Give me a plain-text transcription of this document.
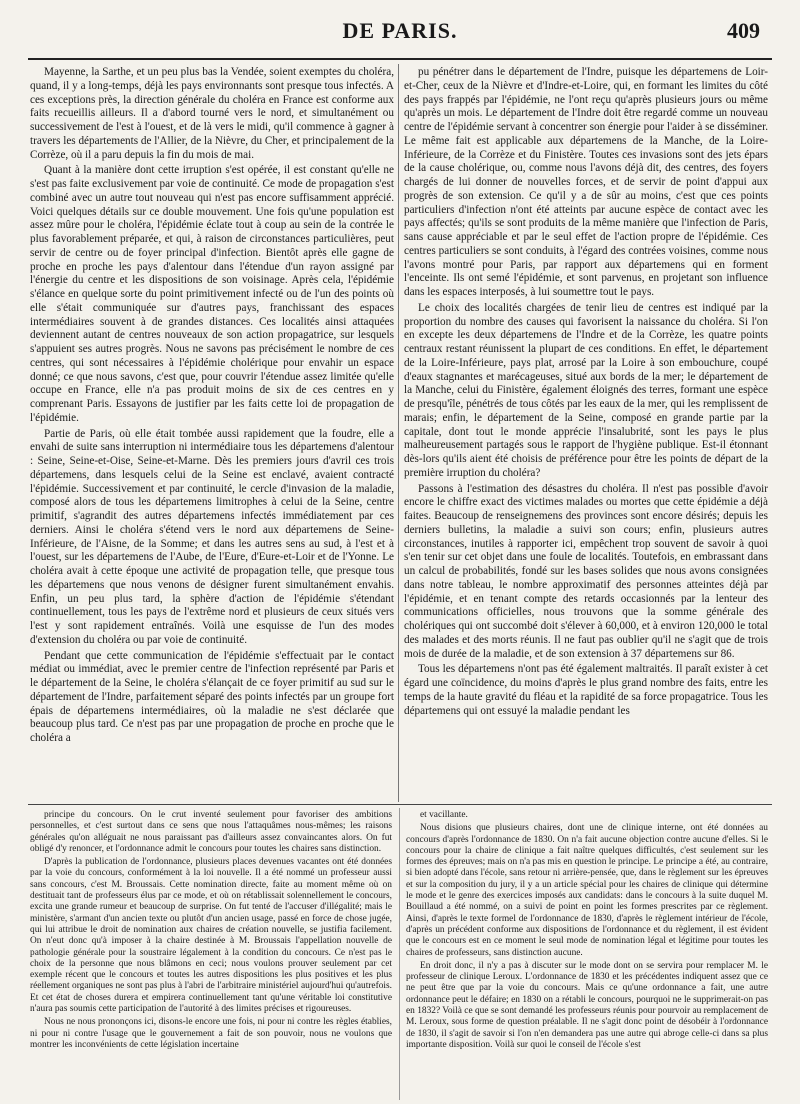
DE PARIS.	409

Mayenne, la Sarthe, et un peu plus bas la Vendée, soient exemptes du choléra, quand, il y a long-temps, déjà les pays environnants sont presque tous infectés. A ces exceptions près, la direction générale du choléra en France est conforme aux faits recueillis ailleurs. Il a d'abord tourné vers le nord, et simultanément ou successivement de l'est à l'ouest, et de là vers le midi, qu'il commence à gagner à travers les départements de l'Allier, de la Nièvre, du Cher, et principalement de la Corrèze, où il a paru depuis la fin du mois de mai.

Quant à la manière dont cette irruption s'est opérée, il est constant qu'elle ne s'est pas faite exclusivement par voie de continuité. Ce mode de propagation s'est combiné avec un autre tout nouveau qui n'est pas encore suffisamment apprécié. Voici quelques détails sur ce double mouvement. Une fois qu'une population est assez mûre pour le choléra, l'épidémie éclate tout à coup au sein de la contrée le plus favorablement préparée, et qui, à raison de circonstances particulières, peut servir de centre ou de foyer principal d'infection. Bientôt après elle gagne de proche en proche les pays d'alentour dans l'étendue d'un rayon assigné par l'énergie du centre et les dispositions de son voisinage. Après cela, l'épidémie s'élance en quelque sorte du point primitivement infecté ou de l'un des points où elle s'était communiquée sur d'autres pays, franchissant des espaces intermédiaires souvent à de grandes distances. Ces localités ainsi attaquées deviennent autant de centres nouveaux de son action propagatrice, sur lesquels s'appuient ses autres progrès. Nous ne savons pas précisément le nombre de ces centres, qui sont nécessaires à l'épidémie cholérique pour envahir un espace donné; ce que nous savons, c'est que, pour couvrir l'étendue assez limitée qu'elle occupe en France, elle n'a pas produit moins de six de ces centres en y comprenant Paris. Essayons de justifier par les faits cette loi de propagation de l'épidémie.

Partie de Paris, où elle était tombée aussi rapidement que la foudre, elle a envahi de suite sans interruption ni intermédiaire tous les départemens d'alentour : Seine, Seine-et-Oise, Seine-et-Marne. Dès les premiers jours d'avril ces trois départemens, dans lesquels celui de la Seine est enclavé, avaient contracté l'épidémie. Successivement et par continuité, le cercle d'invasion de la maladie, composé alors de tous les départemens limitrophes à celui de la Seine, centre primitif, s'agrandit des autres départemens infectés immédiatement par ces derniers. Ainsi le choléra s'étend vers le nord aux départemens de Seine-Inférieure, de l'Aisne, de la Somme; et dans les autres sens au sud, à l'est et à l'ouest, sur les départemens de l'Aube, de l'Eure, d'Eure-et-Loir et de l'Yonne. Le choléra avait à cette époque une activité de propagation telle, que presque tous les départemens que nous venons de désigner furent simultanément envahis. Enfin, un peu plus tard, la sphère d'action de l'épidémie s'étendant continuellement, tous les pays de l'extrême nord et plusieurs de ceux situés vers l'est y sont rapidement entraînés. Voilà une esquisse de l'un des modes d'extension du choléra ou par voie de continuité.

Pendant que cette communication de l'épidémie s'effectuait par le contact médiat ou immédiat, avec le premier centre de l'infection représenté par Paris et le département de la Seine, le choléra s'élançait de ce foyer primitif au sud sur le département de l'Indre, parfaitement séparé des points infectés par un groupe fort épais de départemens intermédiaires, où la maladie ne s'est déclarée que beaucoup plus tard. Ce n'est pas par une propagation de proche en proche que le choléra a

pu pénétrer dans le département de l'Indre, puisque les départemens de Loir-et-Cher, ceux de la Nièvre et d'Indre-et-Loire, qui, en formant les limites du côté des pays frappés par l'épidémie, ne l'ont reçu qu'après plusieurs jours ou même qu'après un mois. Le département de l'Indre doit être regardé comme un nouveau centre de l'épidémie servant à concentrer son énergie pour l'aider à se disséminer. Le même fait est applicable aux départemens de la Manche, de la Loire-Inférieure, de la Corrèze et du Finistère. Toutes ces invasions sont des jets épars de la cause cholérique, ou, comme nous l'avons déjà dit, des centres, des foyers chargés de lui donner de nouvelles forces, et de servir de point d'appui aux progrès de son extension. Ce qu'il y a de sûr au moins, c'est que ces points particuliers d'infection n'ont été atteints par aucune espèce de contact avec les pays affectés; qu'ils se sont produits de la même manière que l'infection de Paris, sans cause appréciable et par le seul effet de l'action propre de l'épidémie. Ces centres particuliers se sont conduits, à l'égard des contrées voisines, comme nous l'avons montré pour Paris, par rapport aux départemens qui en forment l'enceinte. Ils ont semé l'épidémie, et sont parvenus, en projetant son influence dans les espaces interposés, à lui soumettre tout le pays.

Le choix des localités chargées de tenir lieu de centres est indiqué par la proportion du nombre des causes qui favorisent la naissance du choléra. Si l'on en excepte les deux départemens de l'Indre et de la Corrèze, les quatre points centraux restant réunissent la plupart de ces conditions. En effet, le département de la Loire-Inférieure, pays plat, arrosé par la Loire à son embouchure, coupé d'eaux stagnantes et marécageuses, situé aux bords de la mer; le département de la Manche, celui du Finistère, également éloignés des terres, formant une espèce de presqu'île, pénétrés de tous côtés par les eaux de la mer, qui les remplissent de marais; enfin, le département de la Seine, composé en grande partie par la capitale, dont tout le monde apprécie l'insalubrité, sont les pays le plus malheureusement partagés sous le rapport de l'hygiène publique. Est-il étonnant dès-lors qu'ils aient été choisis de préférence pour être les points de départ de la première irruption du choléra?

Passons à l'estimation des désastres du choléra. Il n'est pas possible d'avoir encore le chiffre exact des victimes malades ou mortes que cette épidémie a déjà faites. Beaucoup de renseignemens des provinces sont encore désirés; depuis les derniers bulletins, la maladie a suivi son cours; enfin, plusieurs autres circonstances, inutiles à rapporter ici, empêchent trop souvent de savoir à quoi s'en tenir sur cet objet dans une foule de localités. Toutefois, en embrassant dans un calcul de probabilités, fondé sur les bases solides que nous avons consignées dans notre tableau, le nombre approximatif des personnes atteintes déjà par l'épidémie, et en tenant compte des retards occasionnés par la lenteur des communications officielles, nous trouvons que la somme générale des cholériques qui ont succombé doit s'élever à 60,000, et à environ 120,000 le total des malades et des morts réunis. Il ne faut pas oublier qu'il ne s'agit que de trois mois de durée de la maladie, et de son extension à 37 départemens sur 86.

Tous les départemens n'ont pas été également maltraités. Il paraît exister à cet égard une coïncidence, du moins d'après le plus grand nombre des faits, entre les temps de la haute gravité du fléau et la rapidité de sa force propagatrice. Tous les départemens qui ont essuyé la maladie pendant les

principe du concours. On le crut inventé seulement pour favoriser des ambitions personnelles, et c'est surtout dans ce sens que nous l'attaquâmes nous-mêmes; les raisons générales qu'on alléguait ne nous paraissant pas d'ailleurs assez convaincantes alors. On fut obligé d'y renoncer, et l'ordonnance admit le concours pour toutes les chaires sans distinction.

D'après la publication de l'ordonnance, plusieurs places devenues vacantes ont été données par la voie du concours, conformément à la loi nouvelle. Il a été nommé un professeur aussi sans concours, c'est M. Broussais. Cette nomination directe, faite au moment même où on destituait tant de professeurs élus par ce mode, et où on rétablissait solennellement le concours, excita une grande rumeur et beaucoup de surprise. On fut tenté de l'accuser d'illégalité; mais le ministère, s'armant d'un ancien texte ou plutôt d'un ancien usage, passé en force de chose jugée, qui lui attribue le droit de nomination aux chaires de création nouvelle, se justifia facilement. On n'eut donc qu'à imposer à la chaire destinée à M. Broussais l'appellation nouvelle de pathologie générale pour la soustraire légalement à la condition du concours. Ce n'est pas le choix de la personne que nous blâmons en ceci; nous voulons prouver seulement par cet exemple récent que le concours et toutes les autres dispositions les plus positives et les plus réellement organiques ne sont pas plus à l'abri de l'arbitraire ministériel aujourd'hui qu'autrefois. Et cet état de choses durera et empirera continuellement tant qu'une véritable loi constitutive n'aura pas soumis cette participation de l'autorité à des limites précises et rigoureuses.

Nous ne nous prononçons ici, disons-le encore une fois, ni pour ni contre les règles établies, ni pour ni contre l'usage que le gouvernement a fait de son pouvoir, nous ne voulons que montrer les inconvénients de cette législation incertaine

et vacillante.

Nous disions que plusieurs chaires, dont une de clinique interne, ont été données au concours d'après l'ordonnance de 1830. On n'a fait aucune objection contre aucune d'elles. Si le concours pour la chaire de clinique a fait naître quelques difficultés, c'est seulement sur les formes des épreuves; mais on n'a pas mis en question le principe. Le principe a été, au contraire, si bien adopté dans l'école, sans retour ni arrière-pensée, que, dans le règlement sur les épreuves et sur la composition du jury, il y a un article spécial pour les chaires de clinique qui détermine le mode et le genre des exercices imposés aux candidats: dans le concours à la suite duquel M. Bouillaud a été nommé, on a suivi de point en point les formes prescrites par ce règlement. Ainsi, d'après le texte formel de l'ordonnance de 1830, d'après le règlement intérieur de l'école, d'après un précédent conforme aux dispositions de l'ordonnance et du règlement, il est évident que le concours est en ce moment le seul mode de nomination légal et légitime pour toutes les chaires de professeurs, sans distinction aucune.

En droit donc, il n'y a pas à discuter sur le mode dont on se servira pour remplacer M. le professeur de clinique Leroux. L'ordonnance de 1830 et les précédentes indiquent assez que ce ne peut être que par la voie du concours. Mais ce qu'une ordonnance a fait, une autre ordonnance peut le défaire; en 1830 on a rétabli le concours, pourquoi ne le supprimerait-on pas en 1832? Voilà ce que se sont demandé les professeurs réunis pour pourvoir au remplacement de M. Leroux, sous forme de question préalable. Il ne s'agit donc point de désobéir à l'ordonnance de 1830, il s'agit de savoir si l'on n'en demandera pas une autre qui abroge celle-ci dans sa plus importante disposition. Voilà sur quoi le conseil de l'école s'est
